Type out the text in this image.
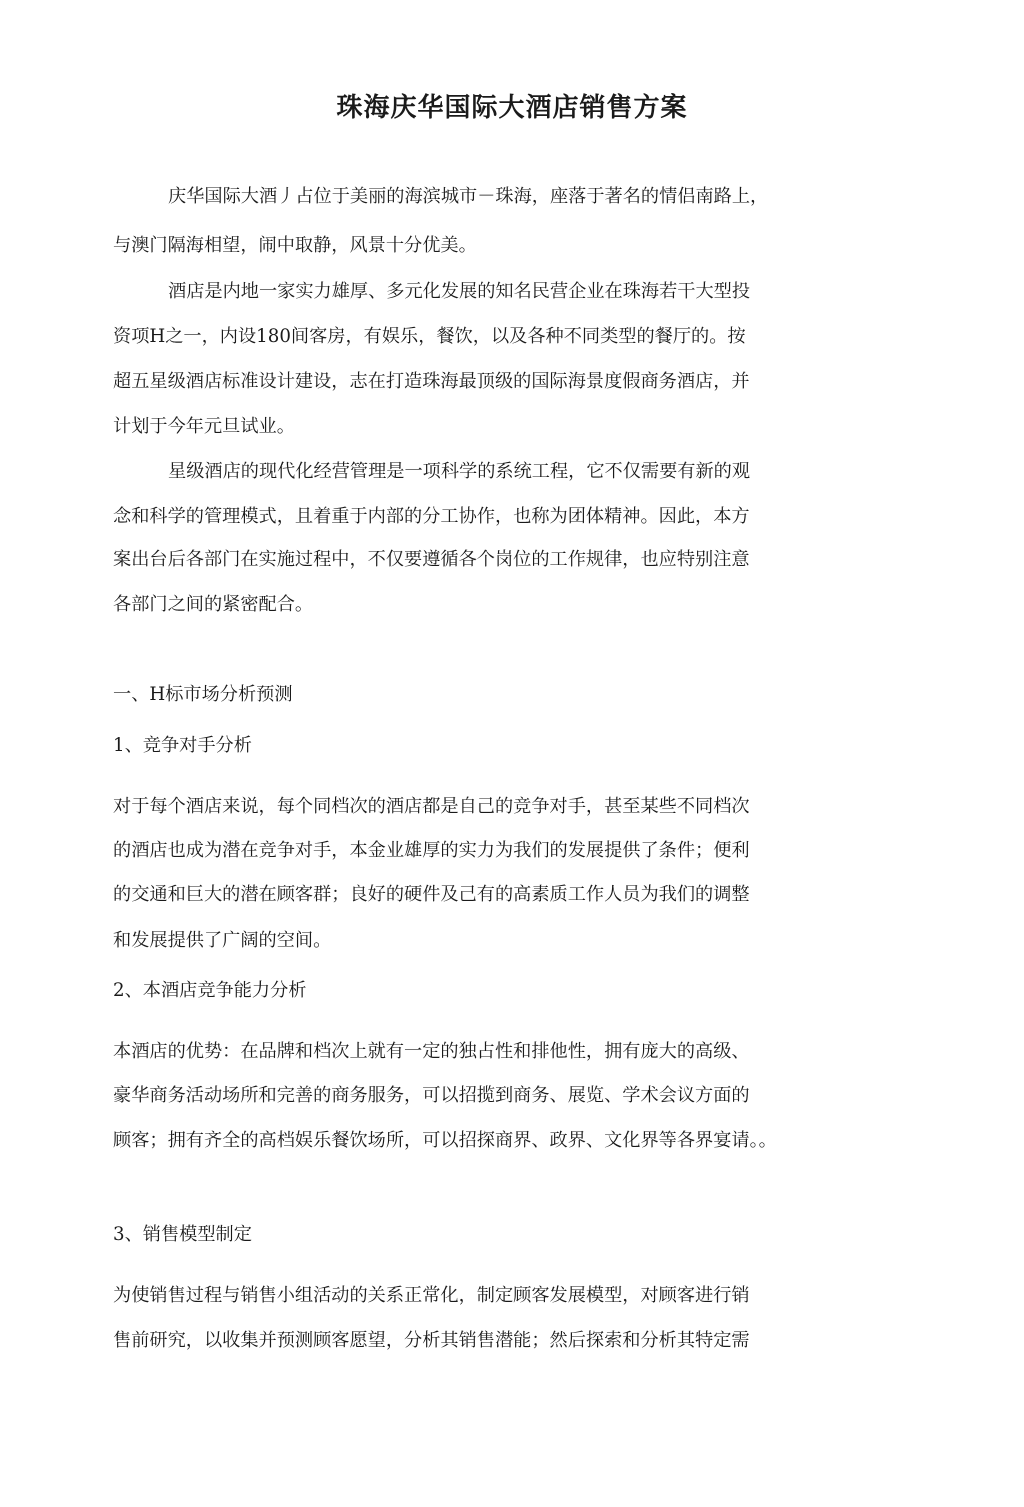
珠海庆华国际大酒店销售方案
庆华国际大酒丿占位于美丽的海滨城市－珠海，座落于著名的情侣南路上，
与澳门隔海相望，闹中取静，风景十分优美。
酒店是内地一家实力雄厚、多元化发展的知名民营企业在珠海若干大型投
资项H之一，内设180间客房，有娱乐，餐饮，以及各种不同类型的餐厅的。按
超五星级酒店标准设计建设，志在打造珠海最顶级的国际海景度假商务酒店，并
计划于今年元旦试业。
星级酒店的现代化经营管理是一项科学的系统工程，它不仅需要有新的观
念和科学的管理模式，且着重于内部的分工协作，也称为团体精神。因此，本方
案出台后各部门在实施过程中，不仅要遵循各个岗位的工作规律，也应特别注意
各部门之间的紧密配合。
一、H标市场分析预测
1、竞争对手分析
对于每个酒店来说，每个同档次的酒店都是自己的竞争对手，甚至某些不同档次
的酒店也成为潜在竞争对手，本金业雄厚的实力为我们的发展提供了条件；便利
的交通和巨大的潜在顾客群；良好的硬件及己有的高素质工作人员为我们的调整
和发展提供了广阔的空间。
2、本酒店竞争能力分析
本酒店的优势：在品牌和档次上就有一定的独占性和排他性，拥有庞大的高级、
豪华商务活动场所和完善的商务服务，可以招揽到商务、展览、学术会议方面的
顾客；拥有齐全的高档娱乐餐饮场所，可以招探商界、政界、文化界等各界宴请。。
3、销售模型制定
为使销售过程与销售小组活动的关系正常化，制定顾客发展模型，对顾客进行销
售前研究，以收集并预测顾客愿望，分析其销售潜能；然后探索和分析其特定需
